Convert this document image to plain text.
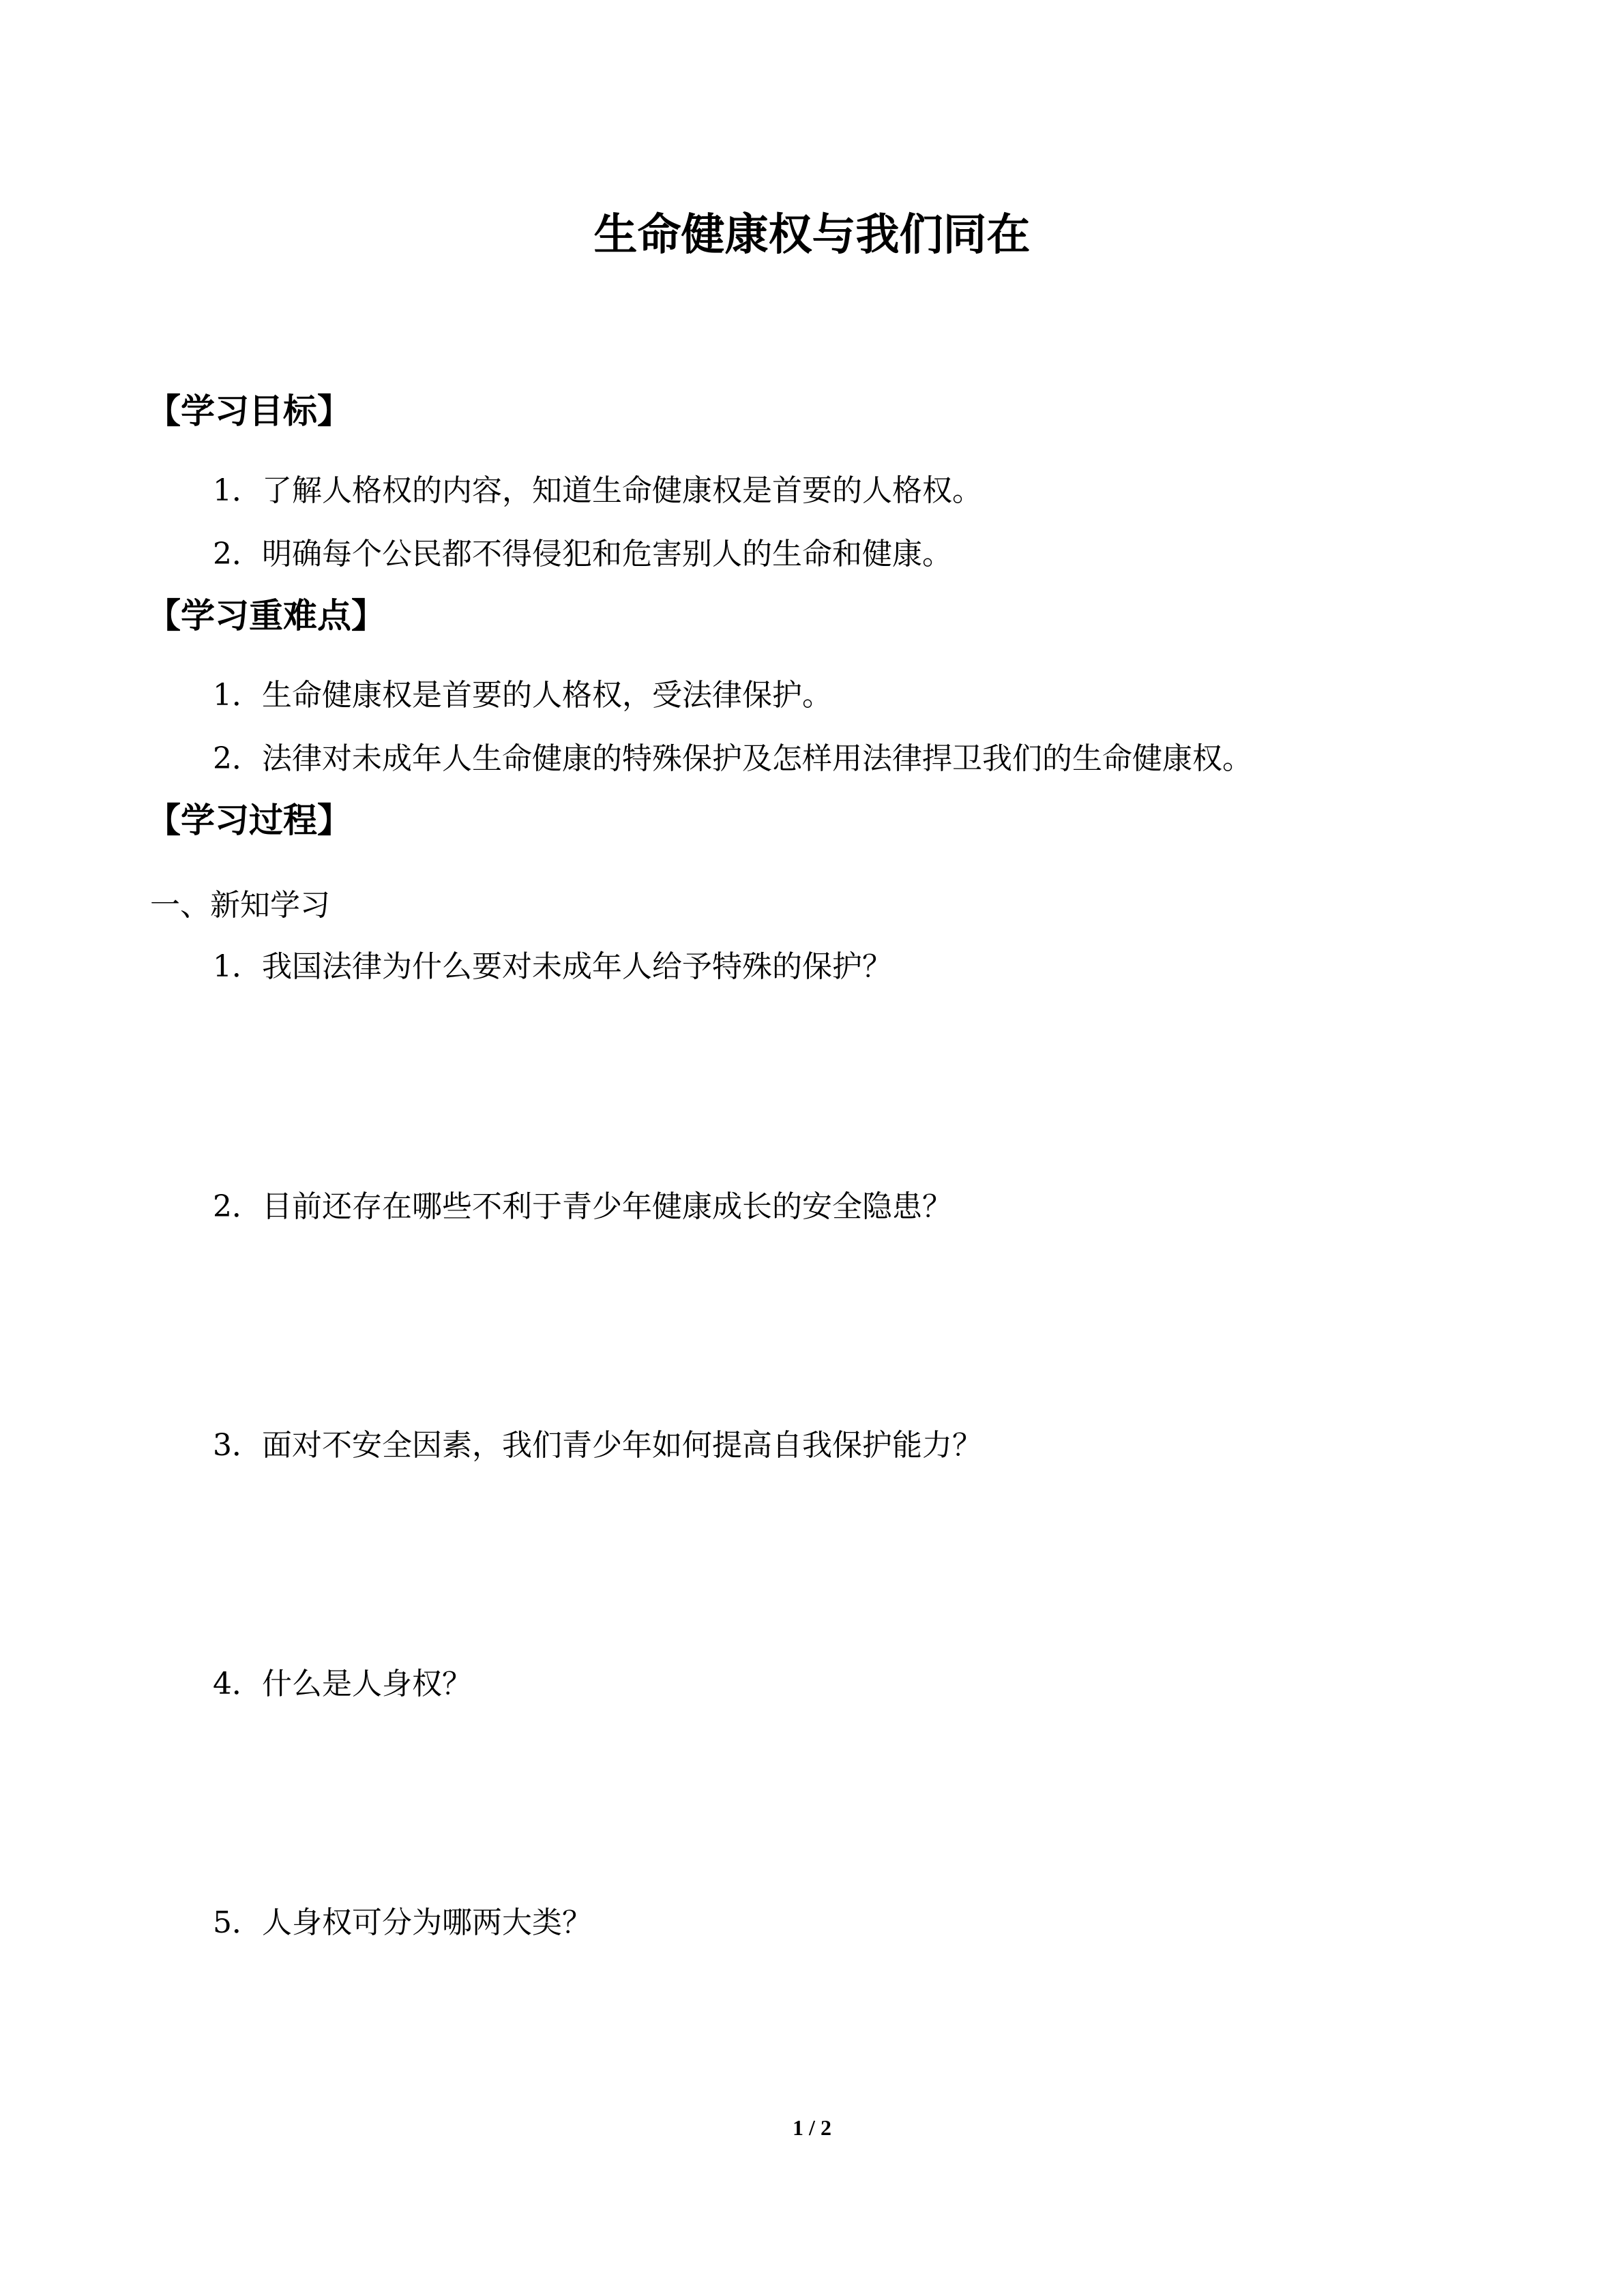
生命健康权与我们同在
【学习目标】
1．了解人格权的内容，知道生命健康权是首要的人格权。
2．明确每个公民都不得侵犯和危害别人的生命和健康。
【学习重难点】
1．生命健康权是首要的人格权，受法律保护。
2．法律对未成年人生命健康的特殊保护及怎样用法律捍卫我们的生命健康权。
【学习过程】
一、新知学习
1．我国法律为什么要对未成年人给予特殊的保护？
2．目前还存在哪些不利于青少年健康成长的安全隐患？
3．面对不安全因素，我们青少年如何提高自我保护能力？
4．什么是人身权？
5．人身权可分为哪两大类？
1 / 2
